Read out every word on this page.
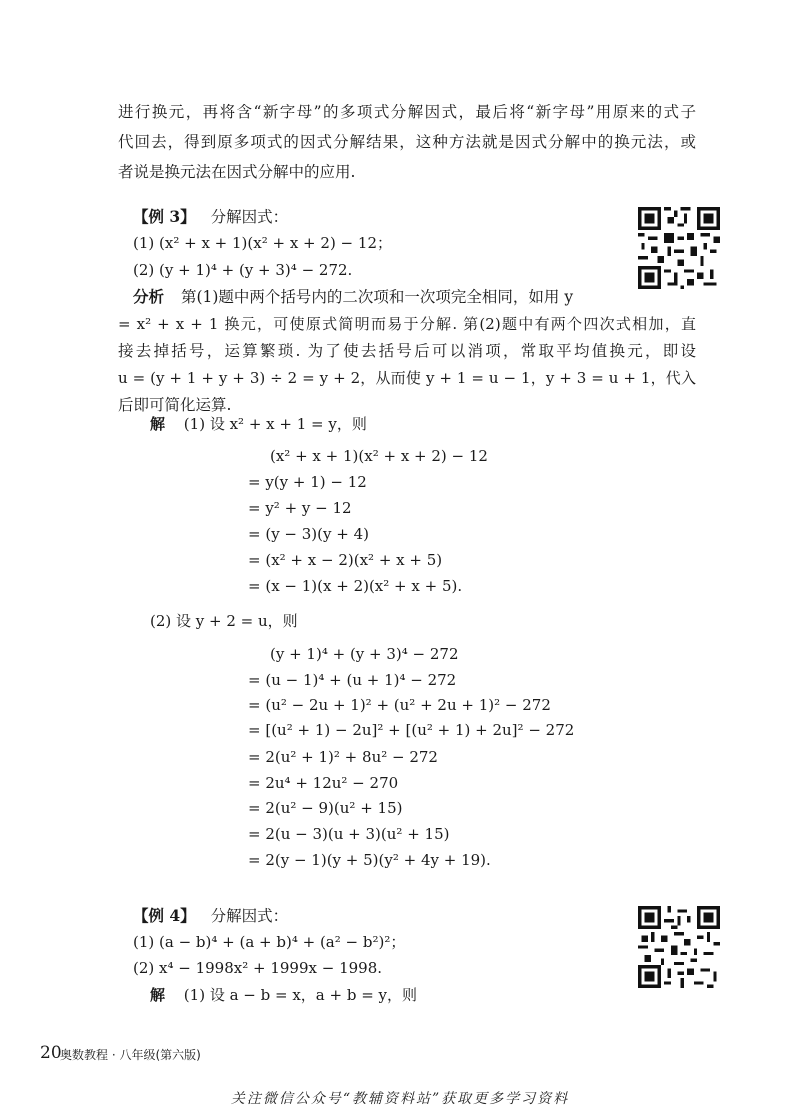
进行换元，再将含“新字母”的多项式分解因式，最后将“新字母”用原来的式子
代回去，得到原多项式的因式分解结果，这种方法就是因式分解中的换元法，或
者说是换元法在因式分解中的应用.
【例 3】 分解因式：
(1) (x² + x + 1)(x² + x + 2) − 12；
(2) (y + 1)⁴ + (y + 3)⁴ − 272.
分析 第(1)题中两个括号内的二次项和一次项完全相同，如用 y
= x² + x + 1 换元，可使原式简明而易于分解. 第(2)题中有两个四次式相加，直
接去掉括号，运算繁琐. 为了使去括号后可以消项，常取平均值换元，即设
u = (y + 1 + y + 3) ÷ 2 = y + 2，从而使 y + 1 = u − 1，y + 3 = u + 1，代入
后即可简化运算.
解 (1) 设 x² + x + 1 = y，则
(x² + x + 1)(x² + x + 2) − 12
= y(y + 1) − 12
= y² + y − 12
= (y − 3)(y + 4)
= (x² + x − 2)(x² + x + 5)
= (x − 1)(x + 2)(x² + x + 5).
(2) 设 y + 2 = u，则
(y + 1)⁴ + (y + 3)⁴ − 272
= (u − 1)⁴ + (u + 1)⁴ − 272
= (u² − 2u + 1)² + (u² + 2u + 1)² − 272
= [(u² + 1) − 2u]² + [(u² + 1) + 2u]² − 272
= 2(u² + 1)² + 8u² − 272
= 2u⁴ + 12u² − 270
= 2(u² − 9)(u² + 15)
= 2(u − 3)(u + 3)(u² + 15)
= 2(y − 1)(y + 5)(y² + 4y + 19).
【例 4】 分解因式：
(1) (a − b)⁴ + (a + b)⁴ + (a² − b²)²；
(2) x⁴ − 1998x² + 1999x − 1998.
解 (1) 设 a − b = x，a + b = y，则
20
奥数教程 · 八年级(第六版)
关注微信公众号“教辅资料站”获取更多学习资料
